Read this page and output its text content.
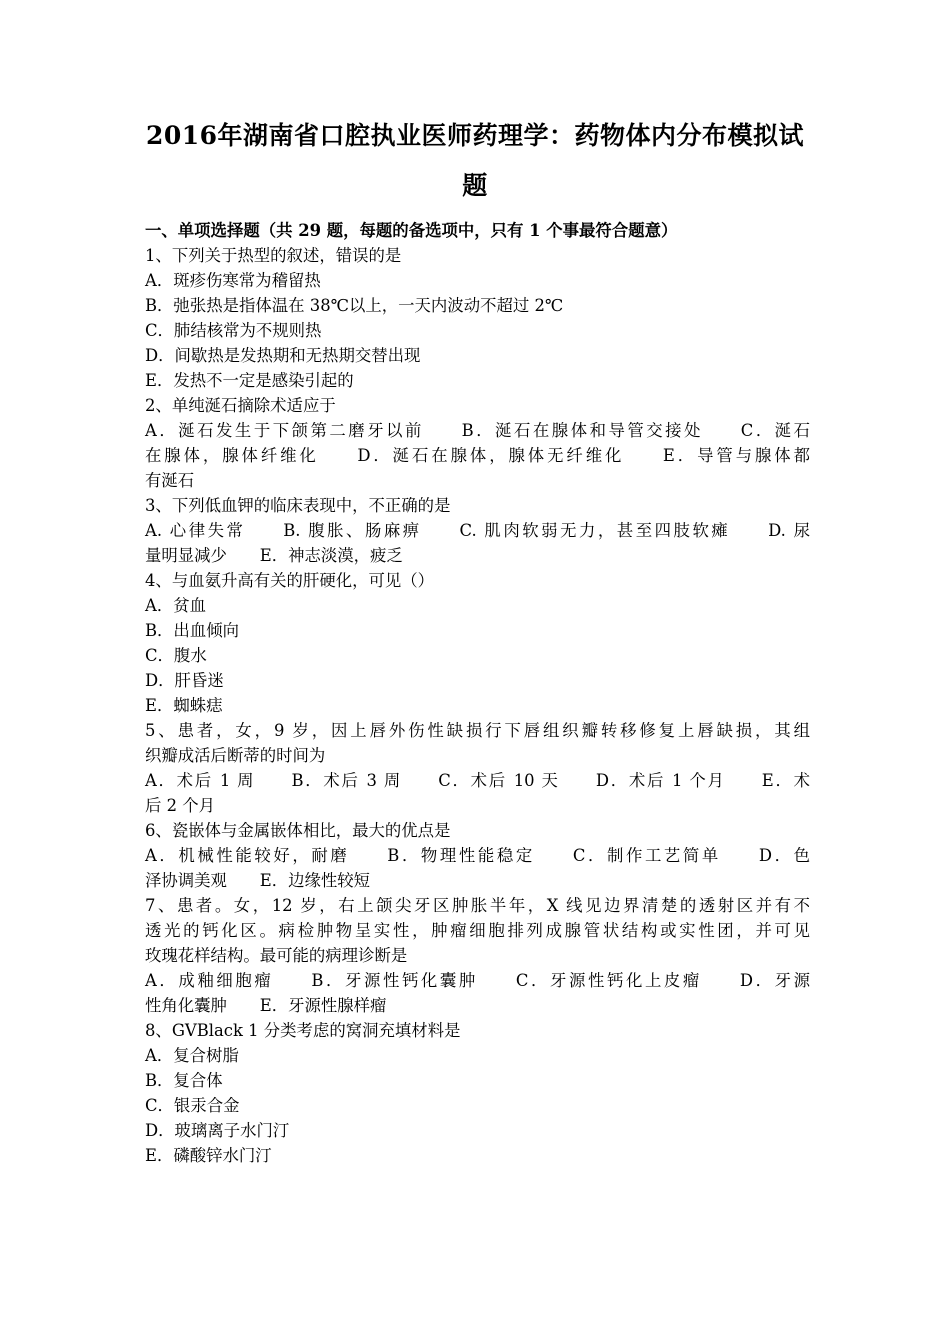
2016年湖南省口腔执业医师药理学：药物体内分布模拟试
题
一、单项选择题（共 29 题，每题的备选项中，只有 1 个事最符合题意）
1、下列关于热型的叙述，错误的是
A．斑疹伤寒常为稽留热
B．弛张热是指体温在 38℃以上，一天内波动不超过 2℃
C．肺结核常为不规则热
D．间歇热是发热期和无热期交替出现
E．发热不一定是感染引起的
2、单纯涎石摘除术适应于
A．涎石发生于下颌第二磨牙以前　　B．涎石在腺体和导管交接处　　C．涎石
在腺体，腺体纤维化　　D．涎石在腺体，腺体无纤维化　　E．导管与腺体都
有涎石
3、下列低血钾的临床表现中，不正确的是
A. 心律失常　　B. 腹胀、肠麻痹　　C. 肌肉软弱无力，甚至四肢软瘫　　D. 尿
量明显减少　　E．神志淡漠，疲乏
4、与血氨升高有关的肝硬化，可见（）
A．贫血
B．出血倾向
C．腹水
D．肝昏迷
E．蜘蛛痣
5、患者，女，9 岁，因上唇外伤性缺损行下唇组织瓣转移修复上唇缺损，其组
织瓣成活后断蒂的时间为
A．术后 1 周　　B．术后 3 周　　C．术后 10 天　　D．术后 1 个月　　E．术
后 2 个月
6、瓷嵌体与金属嵌体相比，最大的优点是
A．机械性能较好，耐磨　　B．物理性能稳定　　C．制作工艺简单　　D．色
泽协调美观　　E．边缘性较短
7、患者。女，12 岁，右上颌尖牙区肿胀半年，X 线见边界清楚的透射区并有不
透光的钙化区。病检肿物呈实性，肿瘤细胞排列成腺管状结构或实性团，并可见
玫瑰花样结构。最可能的病理诊断是
A．成釉细胞瘤　　B．牙源性钙化囊肿　　C．牙源性钙化上皮瘤　　D．牙源
性角化囊肿　　E．牙源性腺样瘤
8、GVBlack 1 分类考虑的窝洞充填材料是
A．复合树脂
B．复合体
C．银汞合金
D．玻璃离子水门汀
E．磷酸锌水门汀
